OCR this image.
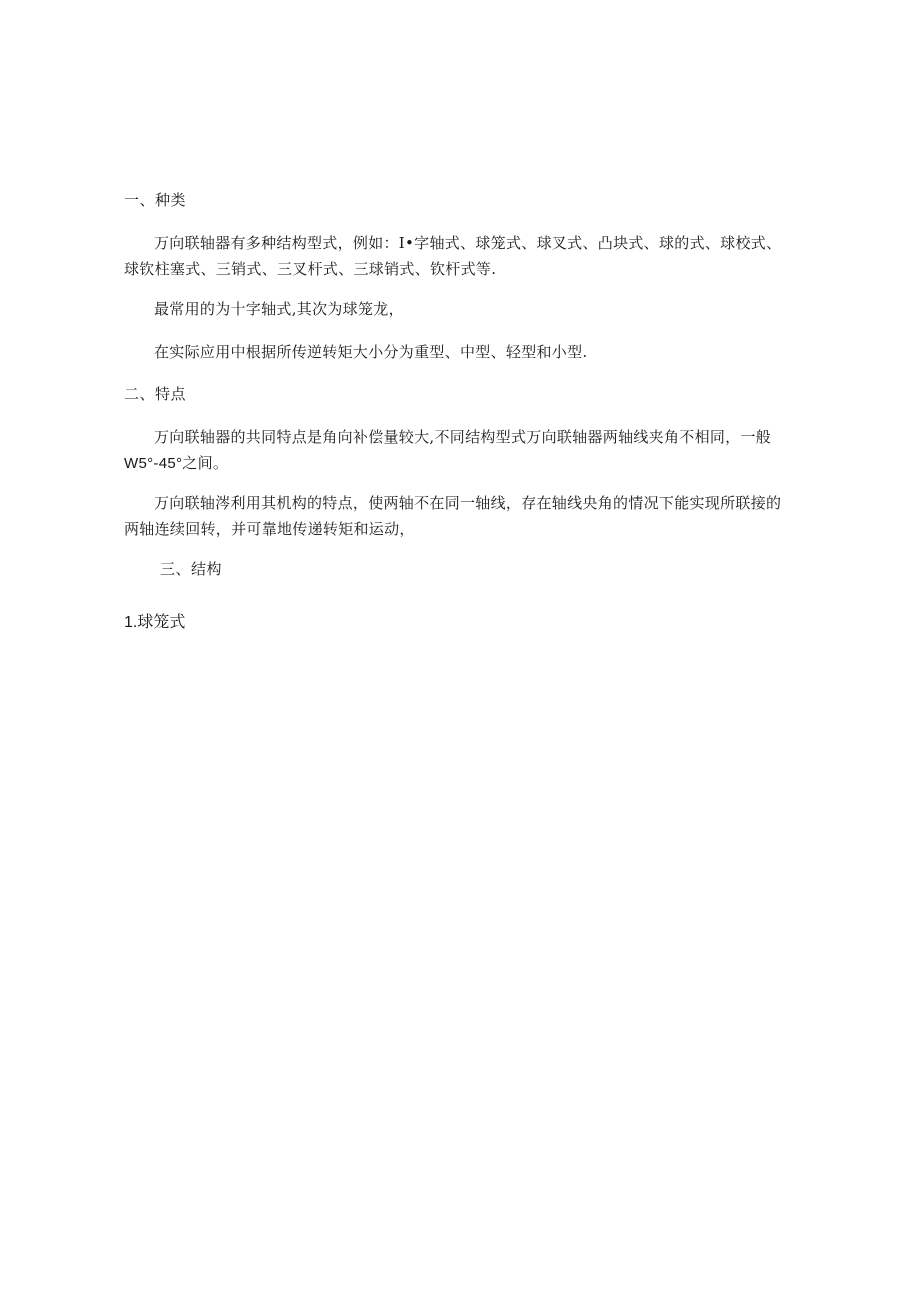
一、种类
万向联轴器有多种结构型式，例如：I•字轴式、球笼式、球叉式、凸块式、球的式、球校式、球钦柱塞式、三销式、三叉杆式、三球销式、钦杆式等.
最常用的为十字轴式,其次为球笼龙，
在实际应用中根据所传逆转矩大小分为重型、中型、轻型和小型.
二、特点
万向联轴器的共同特点是角向补偿量较大,不同结构型式万向联轴器两轴线夹角不相同，一般W5°-45°之间。
万向联轴涔利用其机构的特点，使两轴不在同一轴线，存在轴线央角的情况下能实现所联接的两轴连续回转，并可靠地传递转矩和运动，
三、结构
1.球笼式
